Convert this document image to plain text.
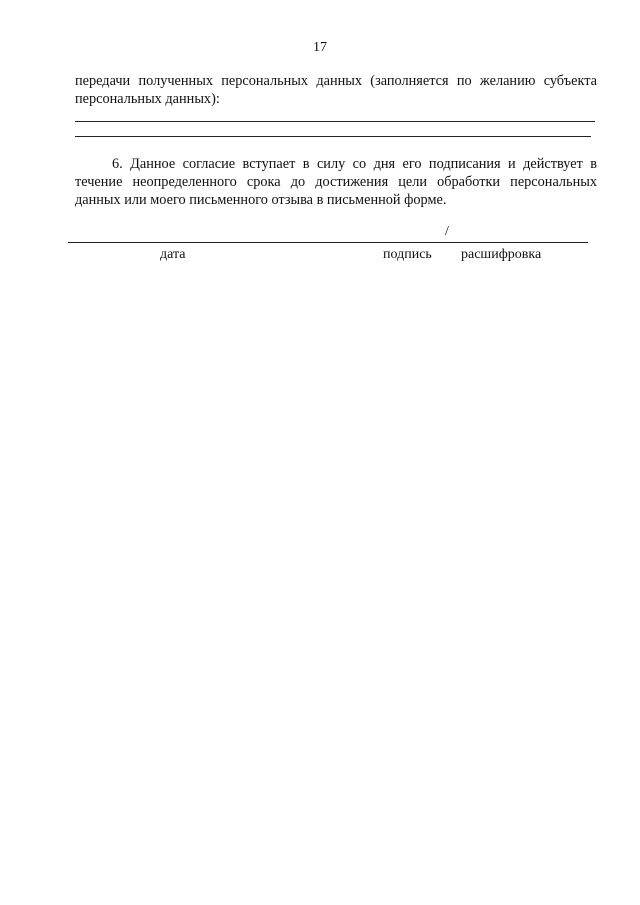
17
передачи полученных персональных данных (заполняется по желанию субъекта персональных данных):
6. Данное согласие вступает в силу со дня его подписания и действует в течение неопределенного срока до достижения цели обработки персональных данных или моего письменного отзыва в письменной форме.
/
дата	подпись расшифровка
